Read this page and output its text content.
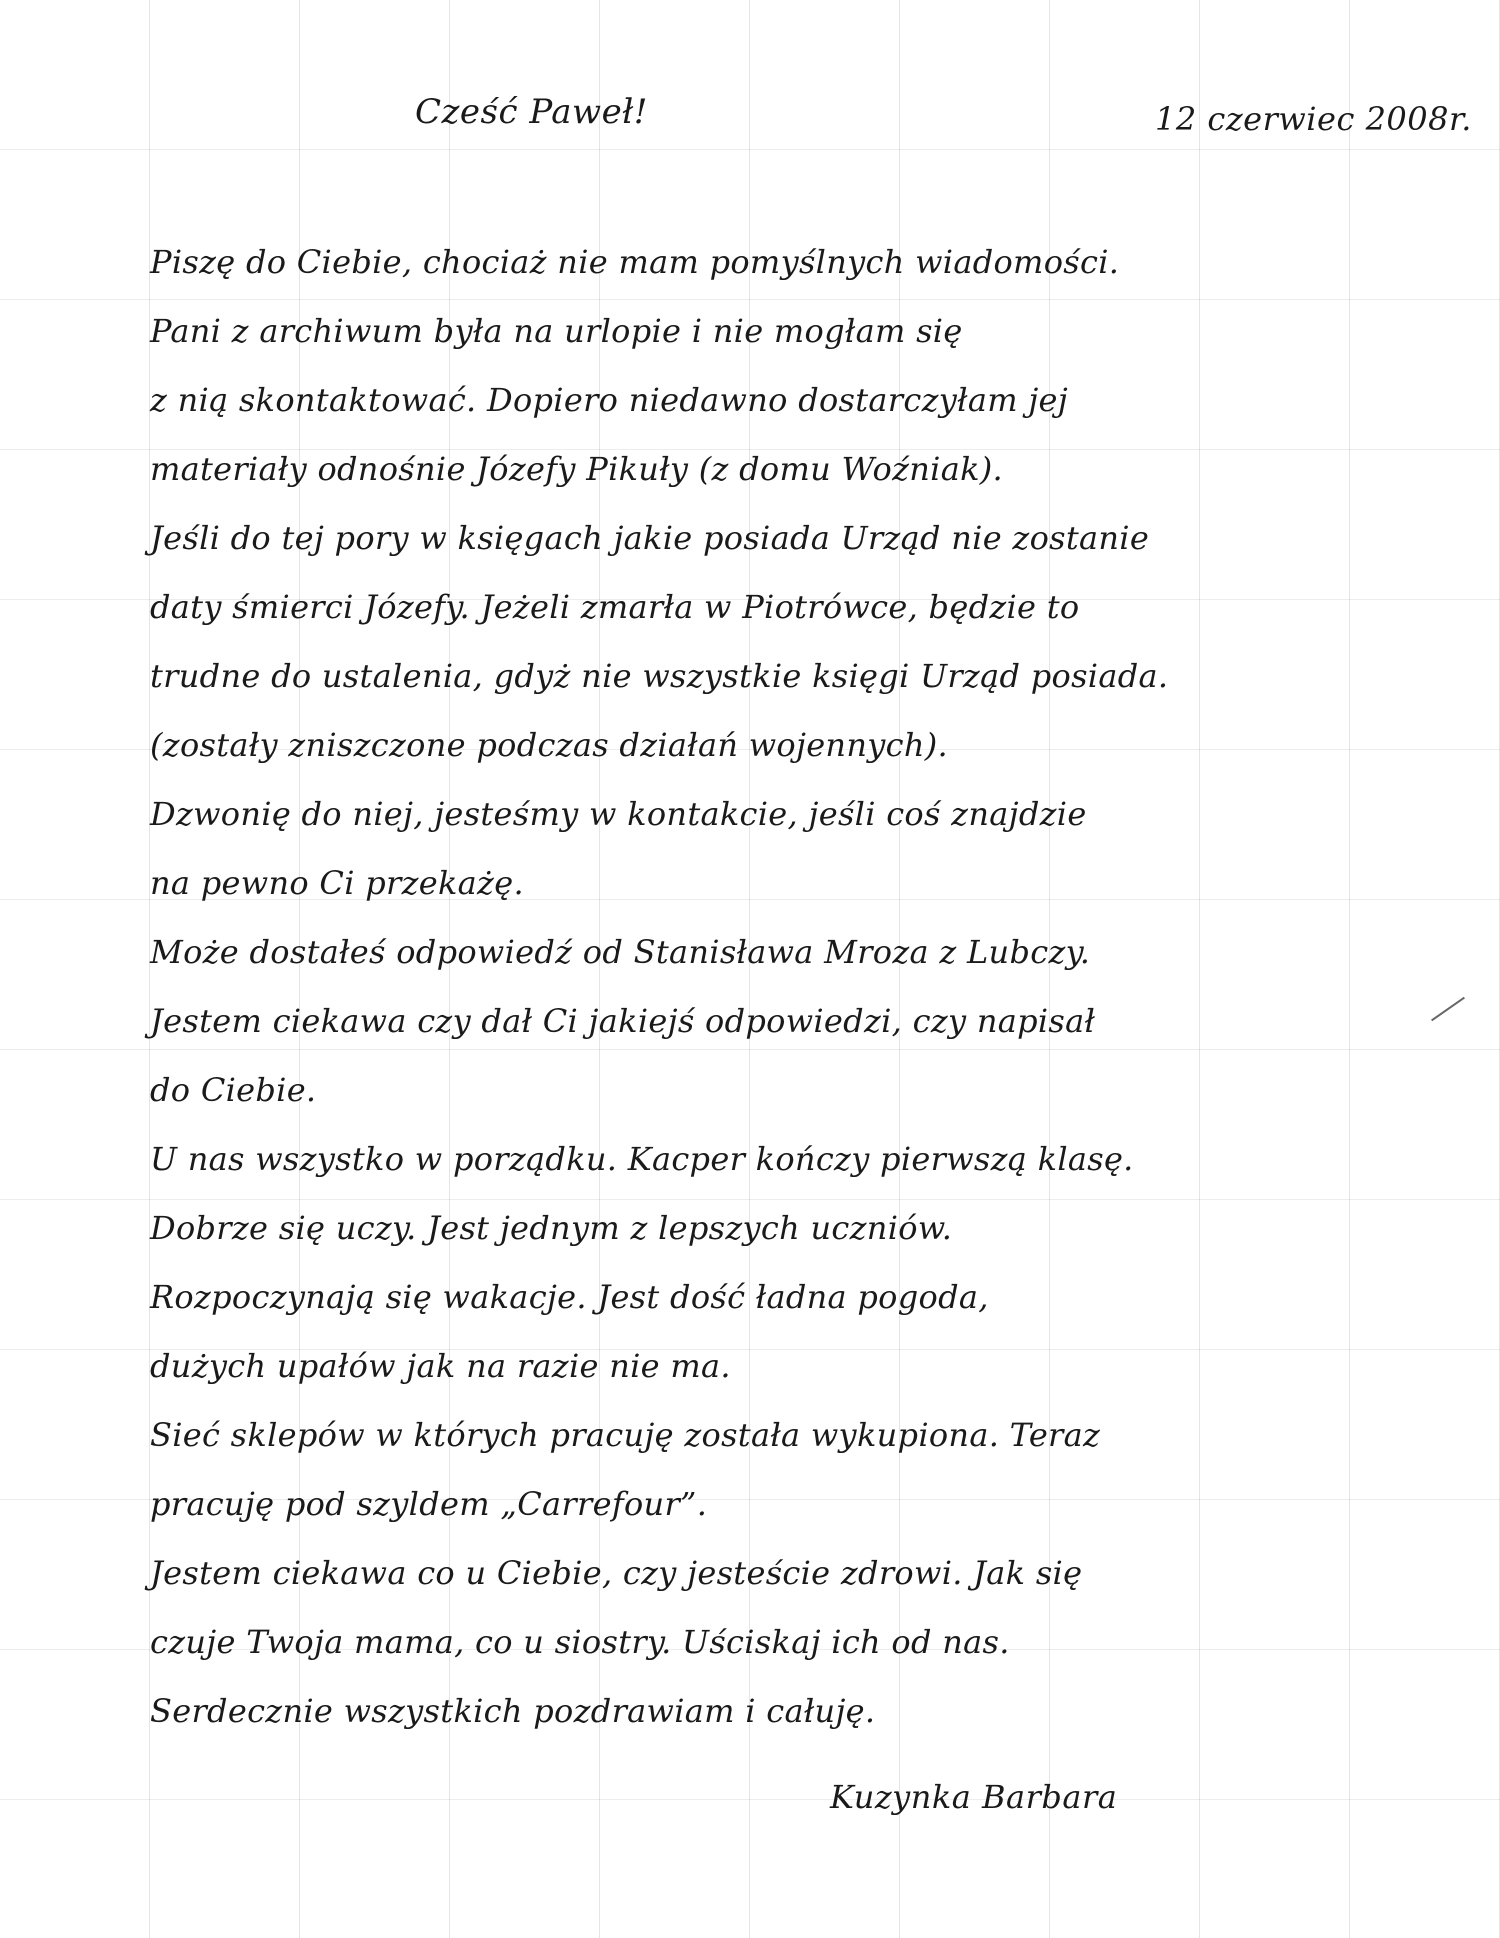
Cześć Paweł!	12 czerwiec 2008r.
Piszę do Ciebie, chociaż nie mam pomyślnych wiadomości.
Pani z archiwum była na urlopie i nie mogłam się
z nią skontaktować. Dopiero niedawno dostarczyłam jej
materiały odnośnie Józefy Pikuły (z domu Woźniak).
Jeśli do tej pory w księgach jakie posiada Urząd nie zostanie
daty śmierci Józefy. Jeżeli zmarła w Piotrówce, będzie to
trudne do ustalenia, gdyż nie wszystkie księgi Urząd posiada.
(zostały zniszczone podczas działań wojennych).
Dzwonię do niej, jesteśmy w kontakcie, jeśli coś znajdzie
na pewno Ci przekażę.
Może dostałeś odpowiedź od Stanisława Mroza z Lubczy.
Jestem ciekawa czy dał Ci jakiejś odpowiedzi, czy napisał
do Ciebie.
U nas wszystko w porządku. Kacper kończy pierwszą klasę.
Dobrze się uczy. Jest jednym z lepszych uczniów.
Rozpoczynają się wakacje. Jest dość ładna pogoda,
dużych upałów jak na razie nie ma.
Sieć sklepów w których pracuję została wykupiona. Teraz
pracuję pod szyldem „Carrefour”.
Jestem ciekawa co u Ciebie, czy jesteście zdrowi. Jak się
czuje Twoja mama, co u siostry. Uściskaj ich od nas.
Serdecznie wszystkich pozdrawiam i całuję.
Kuzynka Barbara
